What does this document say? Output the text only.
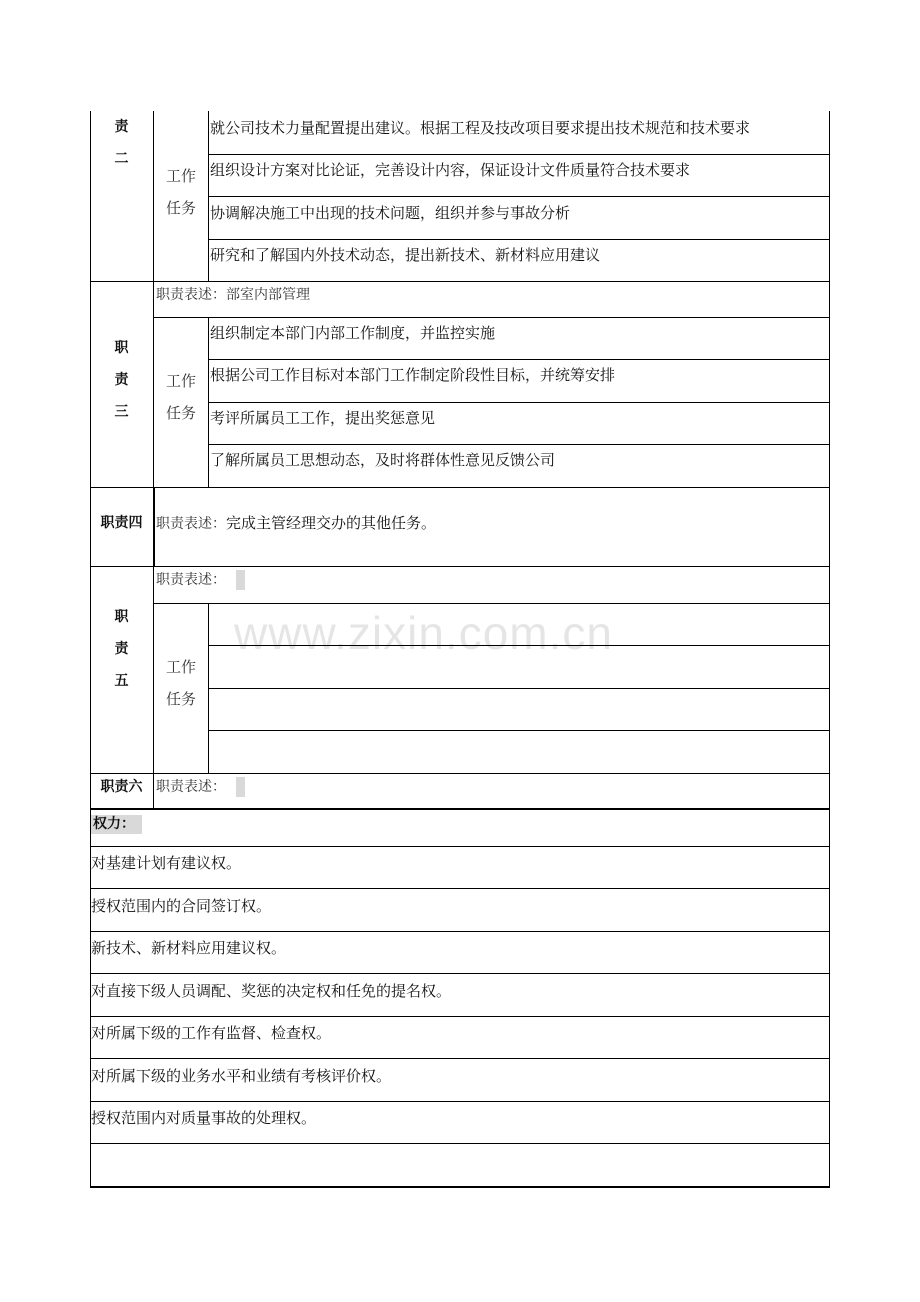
责
二
工作
任务
就公司技术力量配置提出建议。根据工程及技改项目要求提出技术规范和技术要求
组织设计方案对比论证，完善设计内容，保证设计文件质量符合技术要求
协调解决施工中出现的技术问题，组织并参与事故分析
研究和了解国内外技术动态，提出新技术、新材料应用建议
职
责
三
职责表述：部室内部管理
工作
任务
组织制定本部门内部工作制度，并监控实施
根据公司工作目标对本部门工作制定阶段性目标，并统筹安排
考评所属员工工作，提出奖惩意见
了解所属员工思想动态，及时将群体性意见反馈公司
职责四 职责表述：完成主管经理交办的其他任务。
职
责
五
职责表述：
工作
任务
职责六 职责表述：
权力：
对基建计划有建议权。
授权范围内的合同签订权。
新技术、新材料应用建议权。
对直接下级人员调配、奖惩的决定权和任免的提名权。
对所属下级的工作有监督、检查权。
对所属下级的业务水平和业绩有考核评价权。
授权范围内对质量事故的处理权。
www.zixin.com.cn
